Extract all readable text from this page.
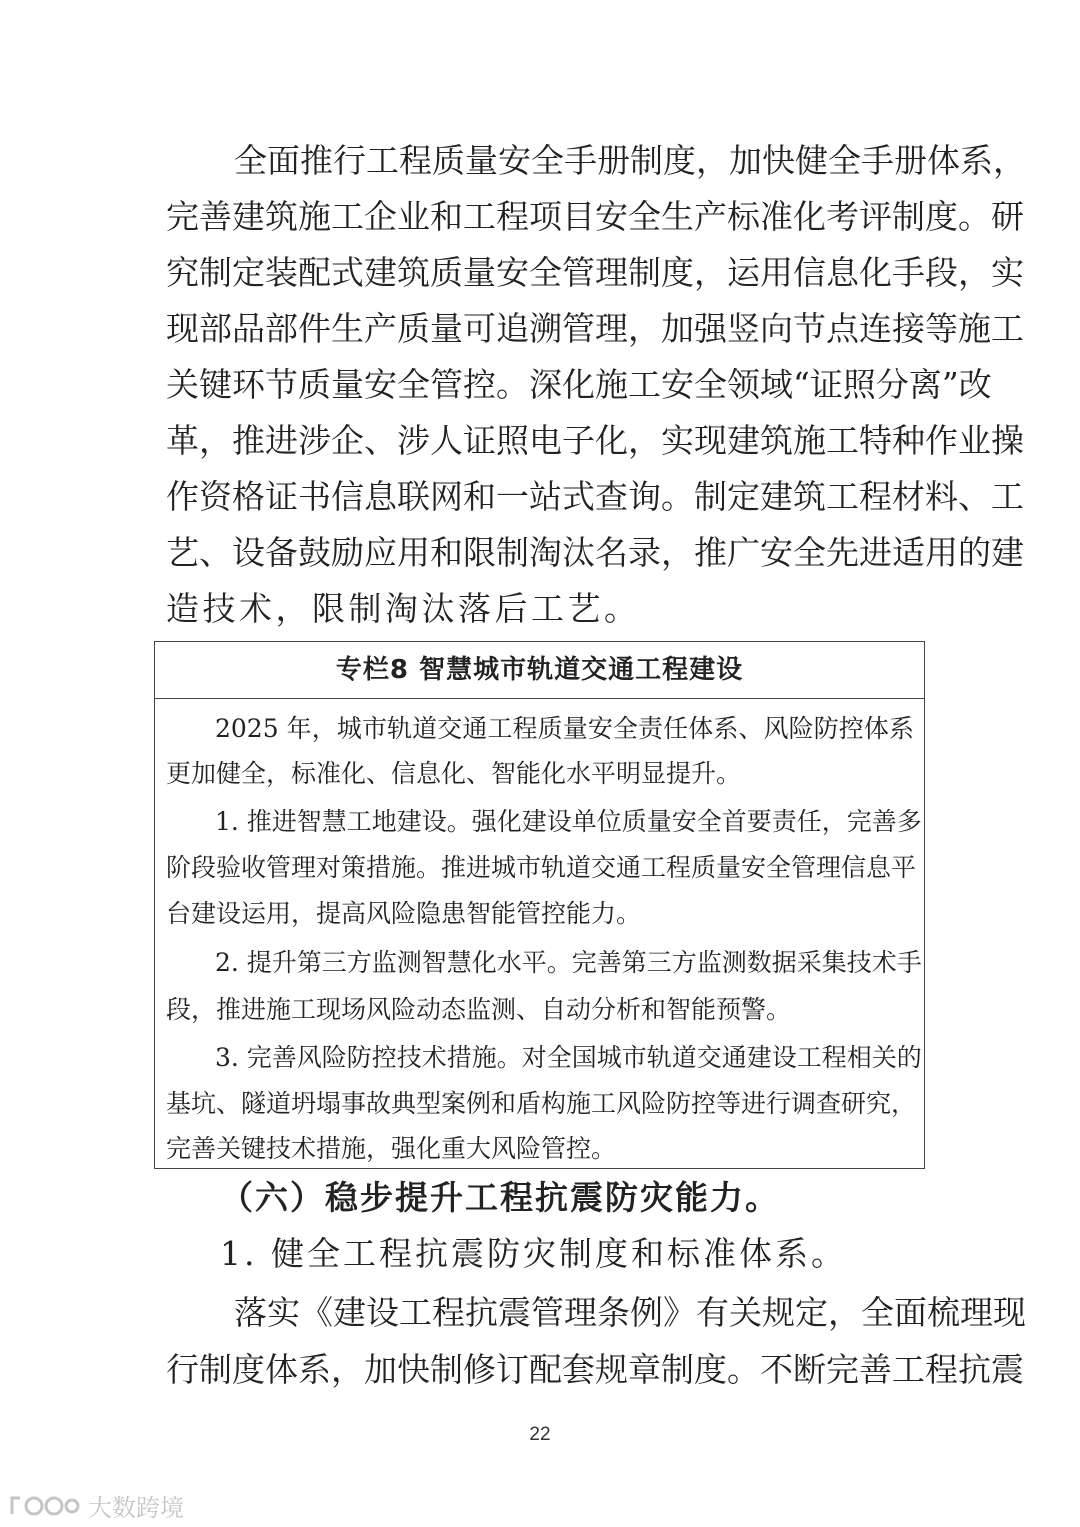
全面推行工程质量安全手册制度，加快健全手册体系，
完善建筑施工企业和工程项目安全生产标准化考评制度。研
究制定装配式建筑质量安全管理制度，运用信息化手段，实
现部品部件生产质量可追溯管理，加强竖向节点连接等施工
关键环节质量安全管控。深化施工安全领域“证照分离”改
革，推进涉企、涉人证照电子化，实现建筑施工特种作业操
作资格证书信息联网和一站式查询。制定建筑工程材料、工
艺、设备鼓励应用和限制淘汰名录，推广安全先进适用的建
造技术，限制淘汰落后工艺。
专栏8 智慧城市轨道交通工程建设
2025 年，城市轨道交通工程质量安全责任体系、风险防控体系
更加健全，标准化、信息化、智能化水平明显提升。
1. 推进智慧工地建设。强化建设单位质量安全首要责任，完善多
阶段验收管理对策措施。推进城市轨道交通工程质量安全管理信息平
台建设运用，提高风险隐患智能管控能力。
2. 提升第三方监测智慧化水平。完善第三方监测数据采集技术手
段，推进施工现场风险动态监测、自动分析和智能预警。
3. 完善风险防控技术措施。对全国城市轨道交通建设工程相关的
基坑、隧道坍塌事故典型案例和盾构施工风险防控等进行调查研究，
完善关键技术措施，强化重大风险管控。
（六）稳步提升工程抗震防灾能力。
1. 健全工程抗震防灾制度和标准体系。
落实《建设工程抗震管理条例》有关规定，全面梳理现
行制度体系，加快制修订配套规章制度。不断完善工程抗震
22
大数跨境
